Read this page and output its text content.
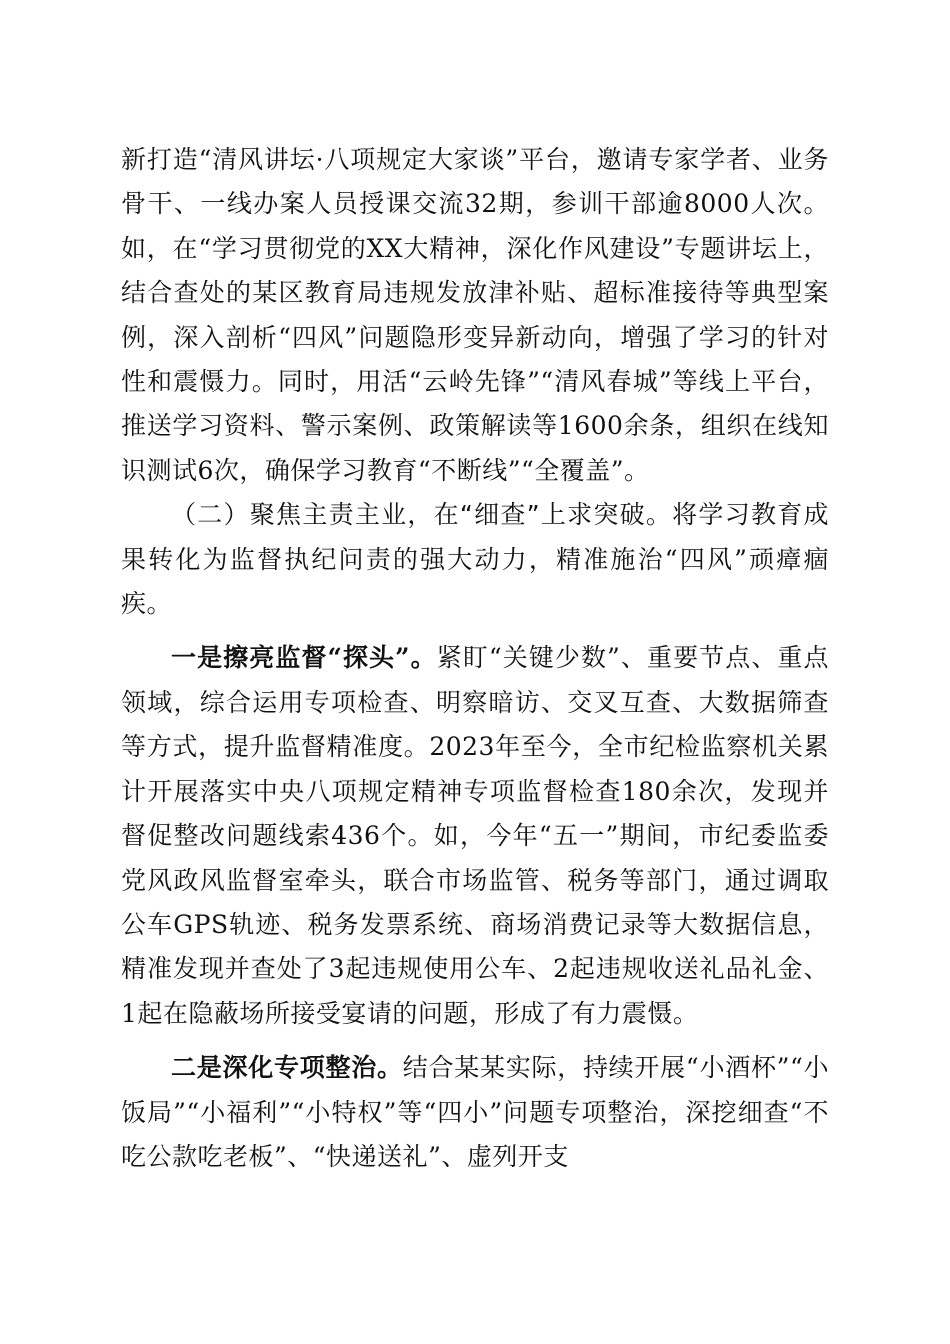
新打造“清风讲坛·八项规定大家谈”平台，邀请专家学者、业务骨干、一线办案人员授课交流32期，参训干部逾8000人次。如，在“学习贯彻党的XX大精神，深化作风建设”专题讲坛上，结合查处的某区教育局违规发放津补贴、超标准接待等典型案例，深入剖析“四风”问题隐形变异新动向，增强了学习的针对性和震慑力。同时，用活“云岭先锋”“清风春城”等线上平台，推送学习资料、警示案例、政策解读等1600余条，组织在线知识测试6次，确保学习教育“不断线”“全覆盖”。

（二）聚焦主责主业，在“细查”上求突破。将学习教育成果转化为监督执纪问责的强大动力，精准施治“四风”顽瘴痼疾。

一是擦亮监督“探头”。紧盯“关键少数”、重要节点、重点领域，综合运用专项检查、明察暗访、交叉互查、大数据筛查等方式，提升监督精准度。2023年至今，全市纪检监察机关累计开展落实中央八项规定精神专项监督检查180余次，发现并督促整改问题线索436个。如，今年“五一”期间，市纪委监委党风政风监督室牵头，联合市场监管、税务等部门，通过调取公车GPS轨迹、税务发票系统、商场消费记录等大数据信息，精准发现并查处了3起违规使用公车、2起违规收送礼品礼金、1起在隐蔽场所接受宴请的问题，形成了有力震慑。

二是深化专项整治。结合某某实际，持续开展“小酒杯”“小饭局”“小福利”“小特权”等“四小”问题专项整治，深挖细查“不吃公款吃老板”、“快递送礼”、虚列开支
